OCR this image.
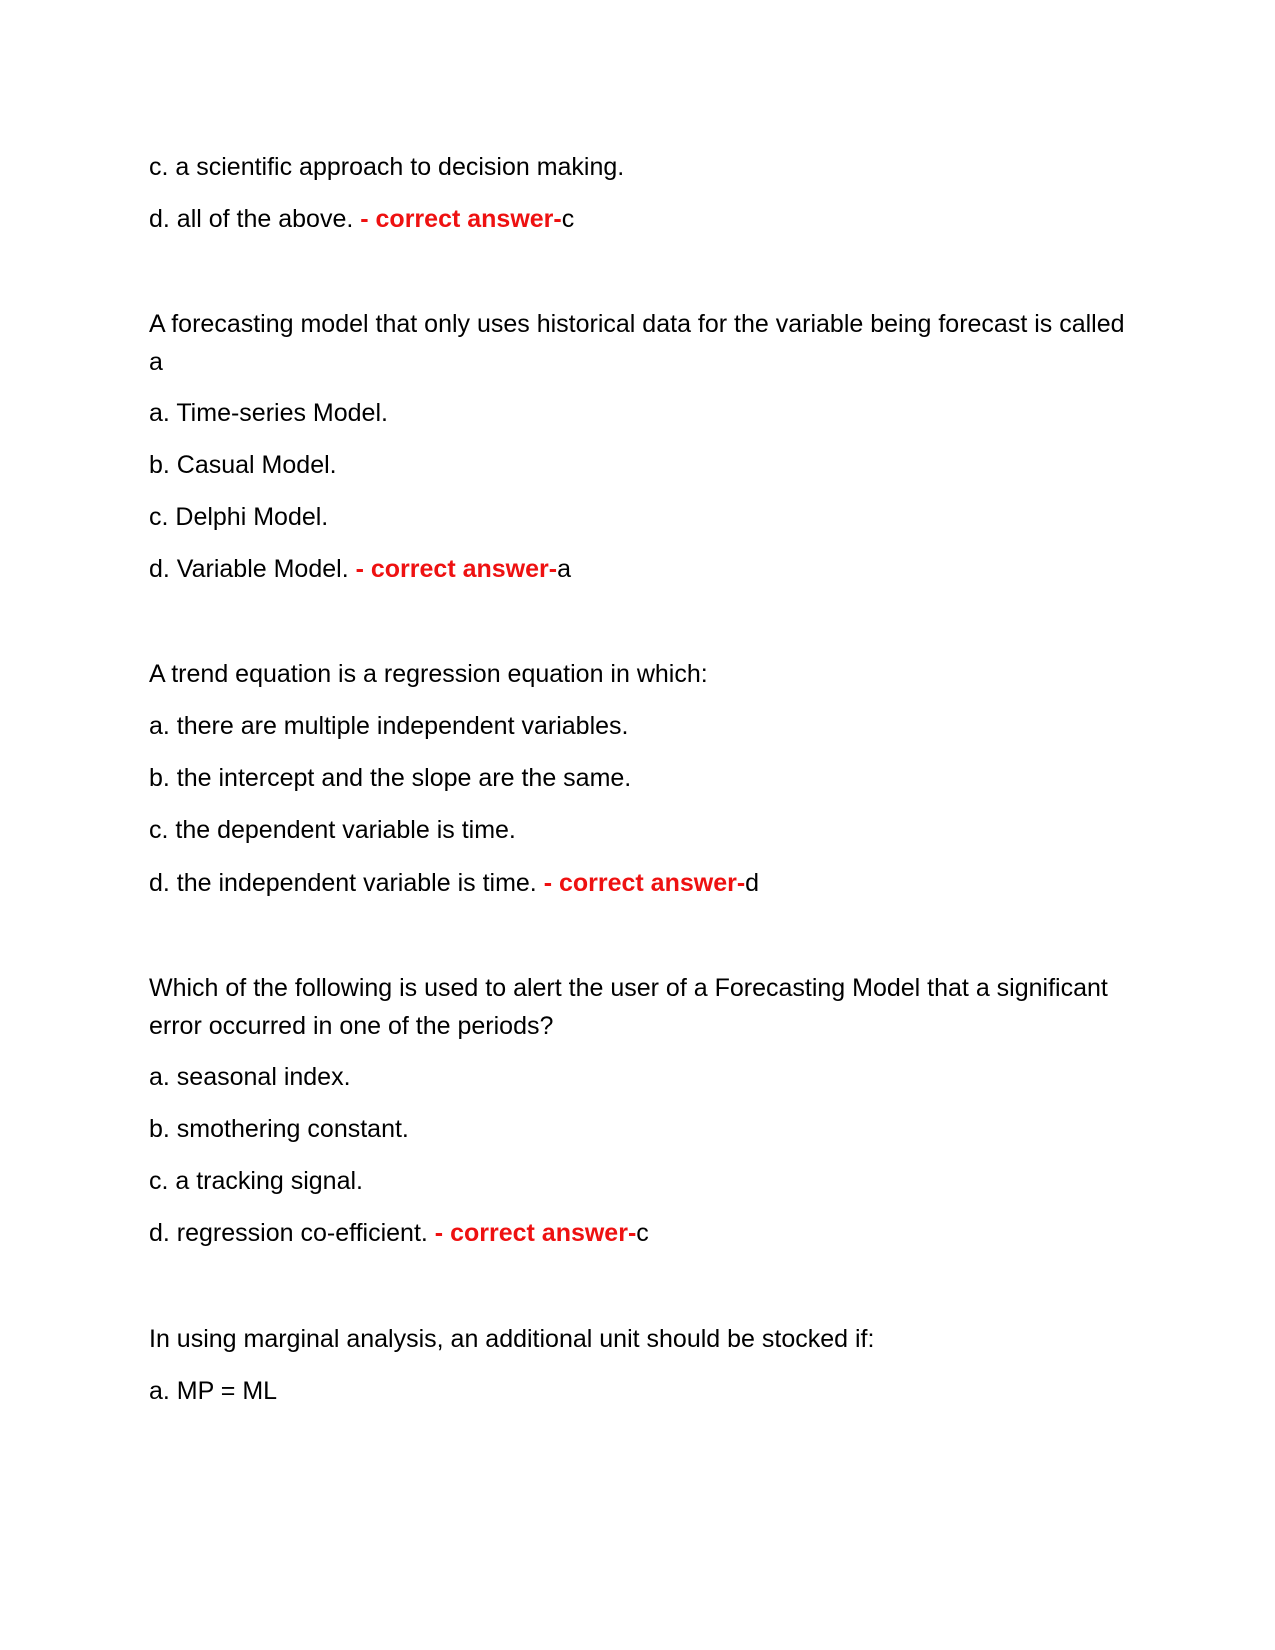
c. a scientific approach to decision making.
d. all of the above. - correct answer-c
A forecasting model that only uses historical data for the variable being forecast is called a
a. Time-series Model.
b. Casual Model.
c. Delphi Model.
d. Variable Model. - correct answer-a
A trend equation is a regression equation in which:
a. there are multiple independent variables.
b. the intercept and the slope are the same.
c. the dependent variable is time.
d. the independent variable is time. - correct answer-d
Which of the following is used to alert the user of a Forecasting Model that a significant error occurred in one of the periods?
a. seasonal index.
b. smothering constant.
c. a tracking signal.
d. regression co-efficient. - correct answer-c
In using marginal analysis, an additional unit should be stocked if:
a. MP = ML
